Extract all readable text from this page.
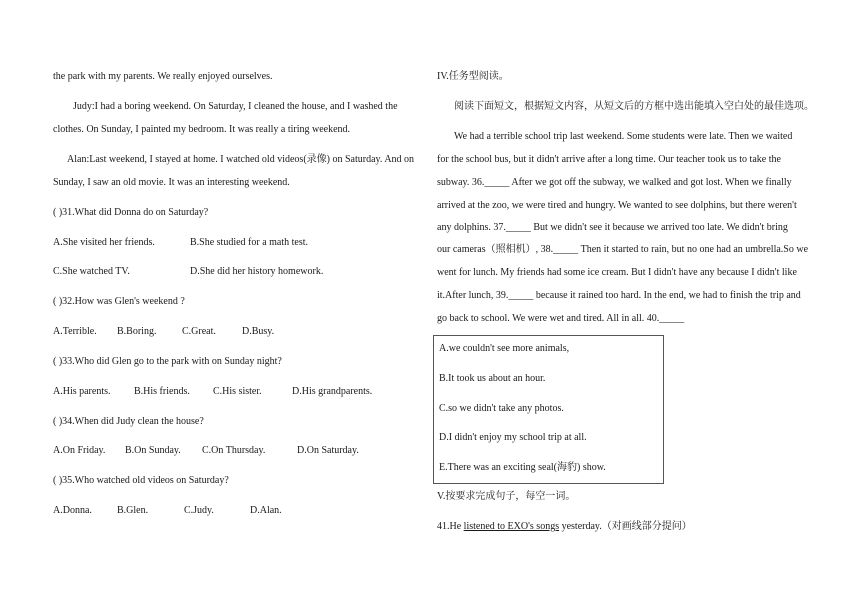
the park with my parents. We really enjoyed ourselves.
Judy:I had a boring weekend. On Saturday, I cleaned the house, and I washed the
clothes. On Sunday, I painted my bedroom. It was really a tiring weekend.
Alan:Last weekend, I stayed at home. I watched old videos(录像) on Saturday. And on
Sunday, I saw an old movie. It was an interesting weekend.
( )31.What did Donna do on Saturday?
A.She visited her friends.	B.She studied for a math test.
C.She watched TV.	D.She did her history homework.
( )32.How was Glen's weekend ?
A.Terrible. B.Boring.	C.Great.	D.Busy.
( )33.Who did Glen go to the park with on Sunday night?
A.His parents. B.His friends. C.His sister.	D.His grandparents.
( )34.When did Judy clean the house?
A.On Friday. B.On Sunday. C.On Thursday.	D.On Saturday.
( )35.Who watched old videos on Saturday?
A.Donna.	B.Glen.	C.Judy.	D.Alan.
IV.任务型阅读。
阅读下面短文，根据短文内容，从短文后的方框中选出能填入空白处的最佳选项。
We had a terrible school trip last weekend. Some students were late. Then we waited
for the school bus, but it didn't arrive after a long time. Our teacher took us to take the
subway. 36._____ After we got off the subway, we walked and got lost. When we finally
arrived at the zoo, we were tired and hungry. We wanted to see dolphins, but there weren't
any dolphins. 37._____ But we didn't see it because we arrived too late. We didn't bring
our cameras（照相机）, 38._____ Then it started to rain, but no one had an umbrella.So we
went for lunch. My friends had some ice cream. But I didn't have any because I didn't like
it.After lunch, 39._____ because it rained too hard. In the end, we had to finish the trip and
go back to school. We were wet and tired. All in all. 40._____
A.we couldn't see more animals,
B.It took us about an hour.
C.so we didn't take any photos.
D.I didn't enjoy my school trip at all.
E.There was an exciting seal(海豹) show.
V.按要求完成句子，每空一词。
41.He listened to EXO's songs yesterday.（对画线部分提问）
